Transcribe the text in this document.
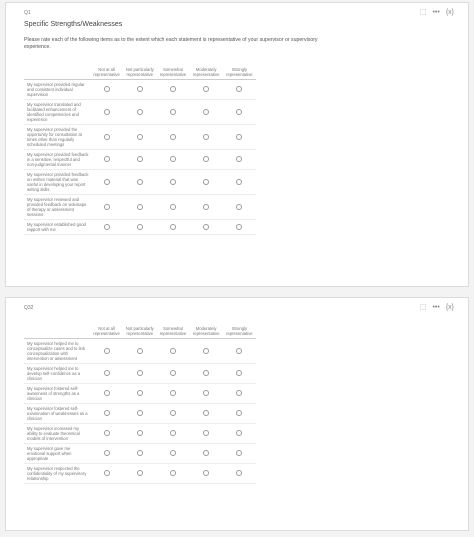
Q1	⬚ ••• {x}
Specific Strengths/Weaknesses
Please rate each of the following items as to the extent which each statement is representative of your supervisor or supervisory experience.
	Not at all representative	Not particularly representative	Somewhat representative	Moderately representative	Strongly representative
My supervisor provided regular and consistent individual supervision					
My supervisor translated and facilitated enhancement of identified competencies and experience					
My supervisor provided the opportunity for consultation at times other than regularly scheduled meetings					
My supervisor provided feedback in a sensitive, respectful and non-judgmental manner					
My supervisor provided feedback on written material that was useful in developing your report writing skills					
My supervisor reviewed and provided feedback on videotape of therapy or assessment sessions					
My supervisor established good rapport with me					
Q32	⬚ ••• {x}
	Not at all representative	Not particularly representative	Somewhat representative	Moderately representative	Strongly representative
My supervisor helped me to conceptualize cases and to link conceptualization with intervention or assessment					
My supervisor helped me to develop self-confidence as a clinician					
My supervisor fostered self-awareness of strengths as a clinician					
My supervisor fostered self-examination of weaknesses as a clinician					
My supervisor increased my ability to evaluate theoretical models of intervention					
My supervisor gave me emotional support when appropriate					
My supervisor respected the confidentiality of my supervisory relationship					
